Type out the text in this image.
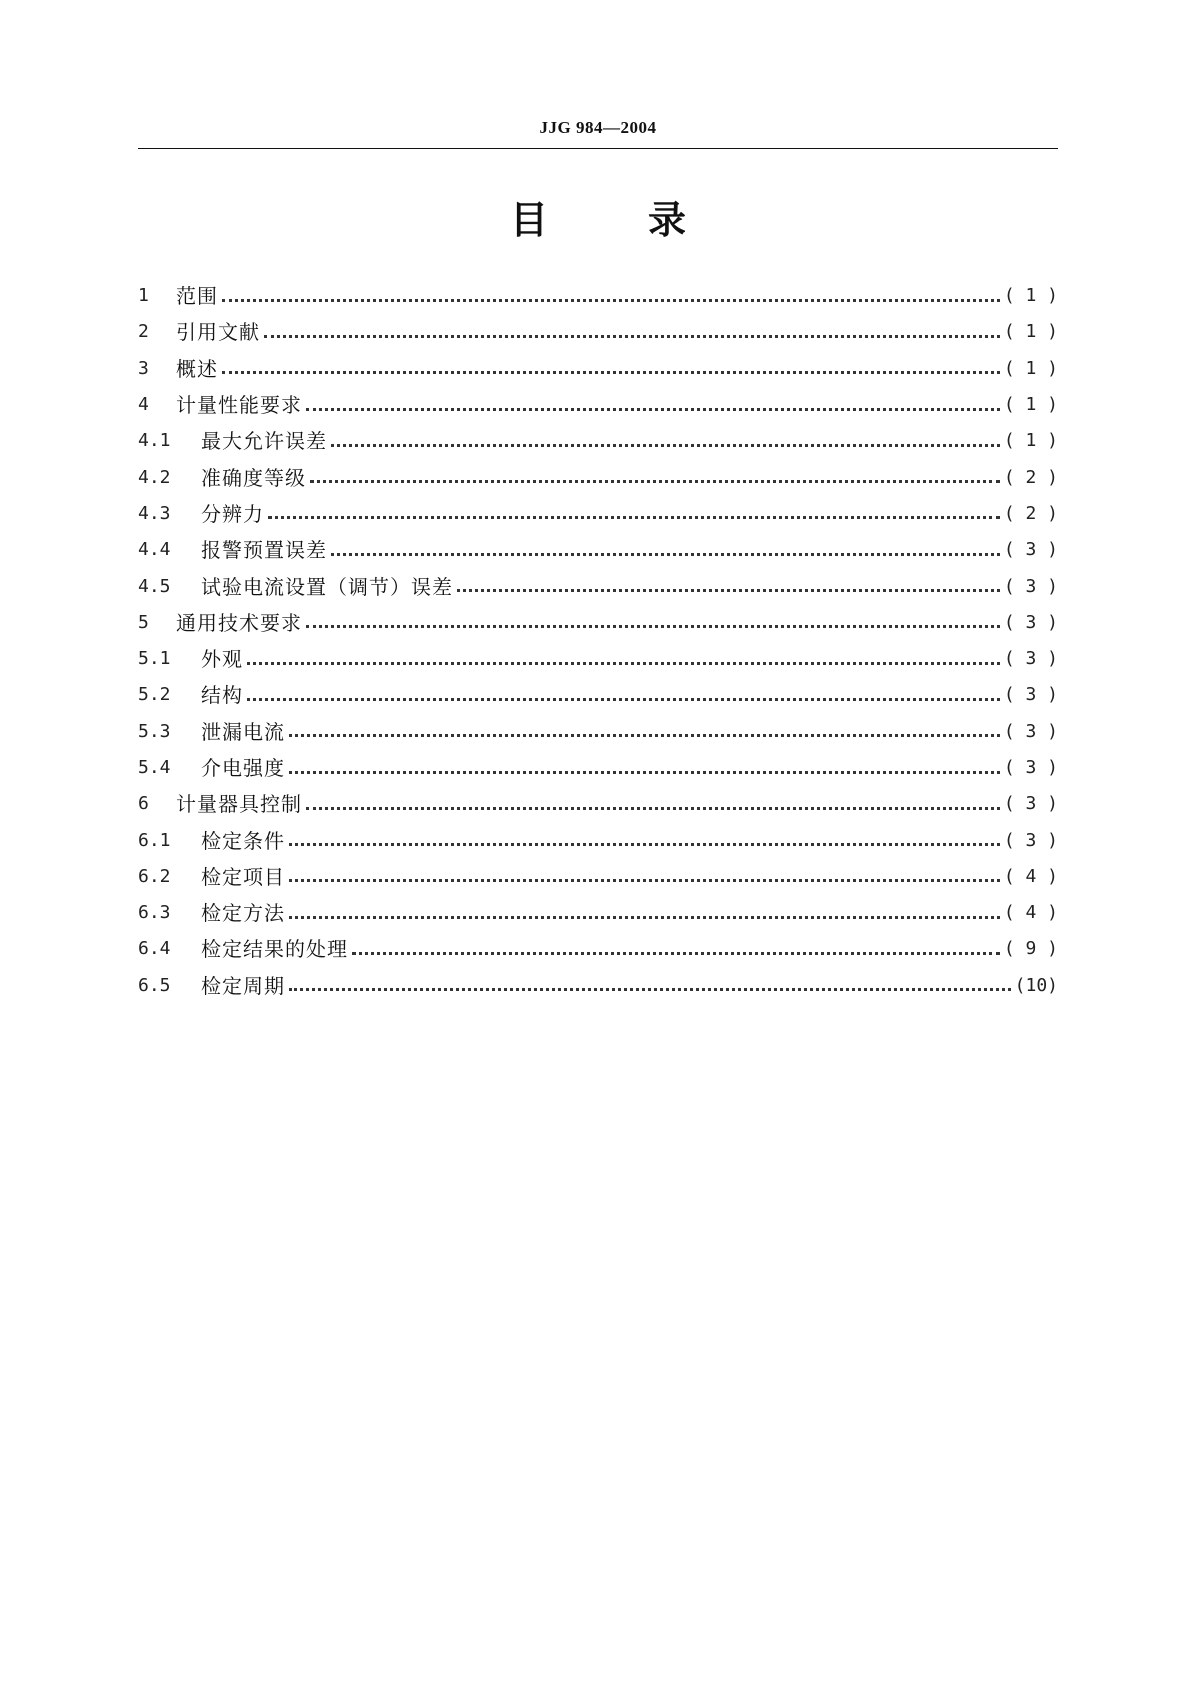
JJG 984—2004
目	录
1	范围	( 1 )
2	引用文献	( 1 )
3	概述	( 1 )
4	计量性能要求	( 1 )
4.1	最大允许误差	( 1 )
4.2	准确度等级	( 2 )
4.3	分辨力	( 2 )
4.4	报警预置误差	( 3 )
4.5	试验电流设置（调节）误差	( 3 )
5	通用技术要求	( 3 )
5.1	外观	( 3 )
5.2	结构	( 3 )
5.3	泄漏电流	( 3 )
5.4	介电强度	( 3 )
6	计量器具控制	( 3 )
6.1	检定条件	( 3 )
6.2	检定项目	( 4 )
6.3	检定方法	( 4 )
6.4	检定结果的处理	( 9 )
6.5	检定周期	(10)
